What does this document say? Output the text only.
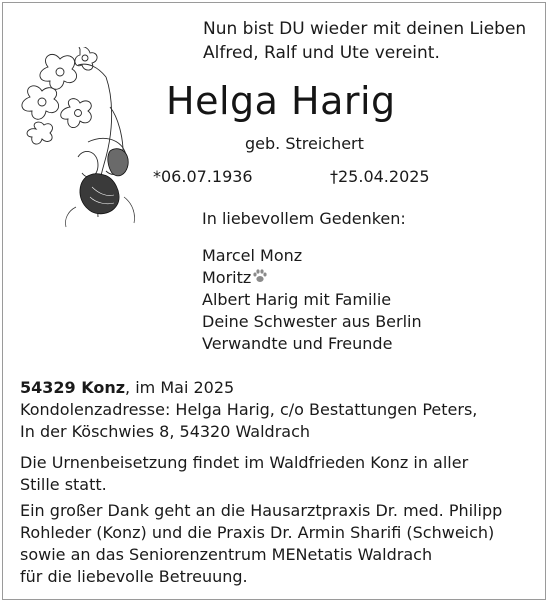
Nun bist DU wieder mit deinen Lieben
Alfred, Ralf und Ute vereint.
Helga Harig
geb. Streichert
*06.07.1936	†25.04.2025
In liebevollem Gedenken:
Marcel Monz
Moritz
Albert Harig mit Familie
Deine Schwester aus Berlin
Verwandte und Freunde
54329 Konz, im Mai 2025
Kondolenzadresse: Helga Harig, c/o Bestattungen Peters,
In der Köschwies 8, 54320 Waldrach
Die Urnenbeisetzung findet im Waldfrieden Konz in aller
Stille statt.
Ein großer Dank geht an die Hausarztpraxis Dr. med. Philipp
Rohleder (Konz) und die Praxis Dr. Armin Sharifi (Schweich)
sowie an das Seniorenzentrum MENetatis Waldrach
für die liebevolle Betreuung.
